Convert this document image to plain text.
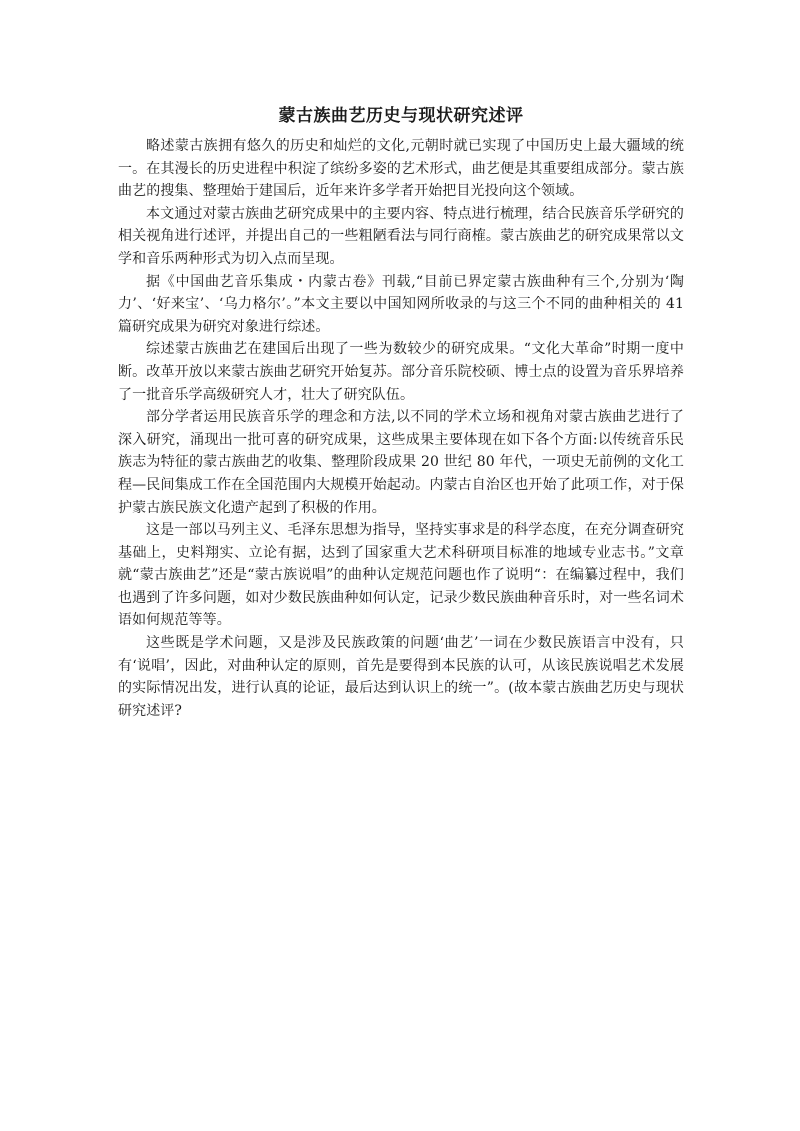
蒙古族曲艺历史与现状研究述评

略述蒙古族拥有悠久的历史和灿烂的文化,元朝时就已实现了中国历史上最大疆域的统一。在其漫长的历史进程中积淀了缤纷多姿的艺术形式，曲艺便是其重要组成部分。蒙古族曲艺的搜集、整理始于建国后，近年来许多学者开始把目光投向这个领域。

本文通过对蒙古族曲艺研究成果中的主要内容、特点进行梳理，结合民族音乐学研究的相关视角进行述评，并提出自己的一些粗陋看法与同行商榷。蒙古族曲艺的研究成果常以文学和音乐两种形式为切入点而呈现。

据《中国曲艺音乐集成・内蒙古卷》刊载,“目前已界定蒙古族曲种有三个,分别为‘陶力’、‘好来宝’、‘乌力格尔’。”本文主要以中国知网所收录的与这三个不同的曲种相关的 41 篇研究成果为研究对象进行综述。

综述蒙古族曲艺在建国后出现了一些为数较少的研究成果。“文化大革命”时期一度中断。改革开放以来蒙古族曲艺研究开始复苏。部分音乐院校硕、博士点的设置为音乐界培养了一批音乐学高级研究人才，壮大了研究队伍。

部分学者运用民族音乐学的理念和方法,以不同的学术立场和视角对蒙古族曲艺进行了深入研究，涌现出一批可喜的研究成果，这些成果主要体现在如下各个方面:以传统音乐民族志为特征的蒙古族曲艺的收集、整理阶段成果 20 世纪 80 年代，一项史无前例的文化工程—民间集成工作在全国范围内大规模开始起动。内蒙古自治区也开始了此项工作，对于保护蒙古族民族文化遗产起到了积极的作用。

这是一部以马列主义、毛泽东思想为指导，坚持实事求是的科学态度，在充分调查研究基础上，史料翔实、立论有据，达到了国家重大艺术科研项目标准的地域专业志书。”文章就“蒙古族曲艺”还是“蒙古族说唱”的曲种认定规范问题也作了说明“：在编纂过程中，我们也遇到了许多问题，如对少数民族曲种如何认定，记录少数民族曲种音乐时，对一些名词术语如何规范等等。

这些既是学术问题，又是涉及民族政策的问题‘曲艺’一词在少数民族语言中没有，只有‘说唱’，因此，对曲种认定的原则，首先是要得到本民族的认可，从该民族说唱艺术发展的实际情况出发，进行认真的论证，最后达到认识上的统一”。(故本蒙古族曲艺历史与现状研究述评?
